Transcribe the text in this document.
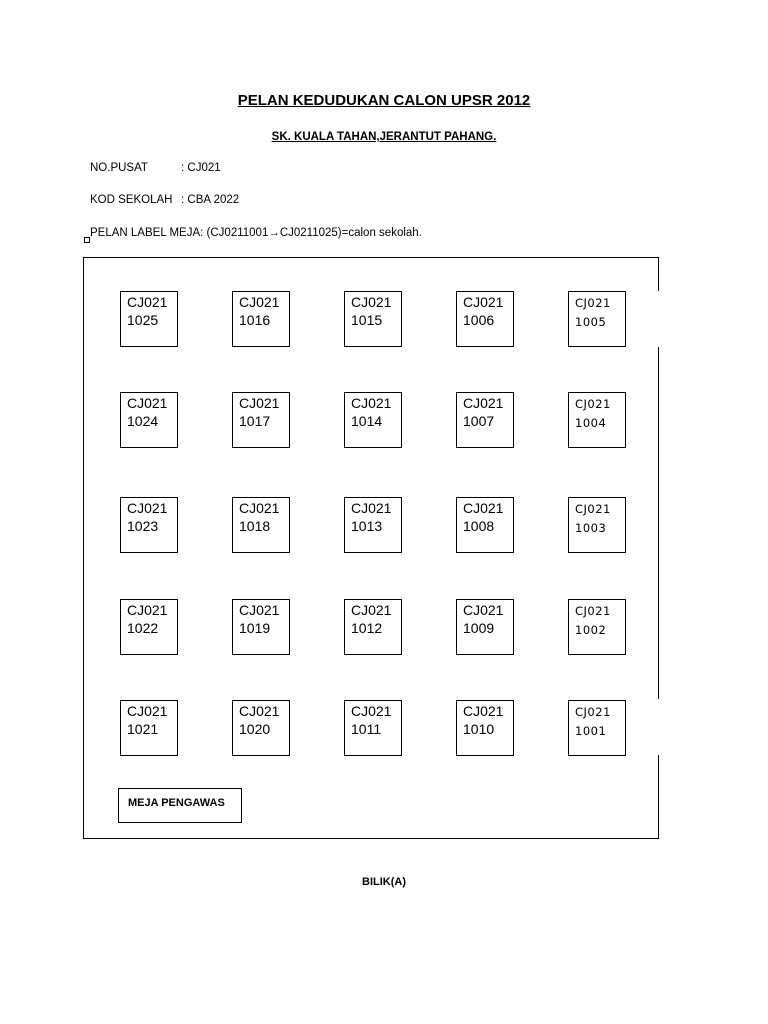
PELAN KEDUDUKAN CALON UPSR 2012
SK. KUALA TAHAN,JERANTUT PAHANG.
NO.PUSAT	: CJ021
KOD SEKOLAH : CBA 2022
PELAN LABEL MEJA: (CJ0211001→CJ0211025)=calon sekolah.
CJ021
1025
CJ021
1016
CJ021
1015
CJ021
1006
CJ021
1005
CJ021
1024
CJ021
1017
CJ021
1014
CJ021
1007
CJ021
1004
CJ021
1023
CJ021
1018
CJ021
1013
CJ021
1008
CJ021
1003
CJ021
1022
CJ021
1019
CJ021
1012
CJ021
1009
CJ021
1002
CJ021
1021
CJ021
1020
CJ021
1011
CJ021
1010
CJ021
1001
MEJA PENGAWAS
BILIK(A)
